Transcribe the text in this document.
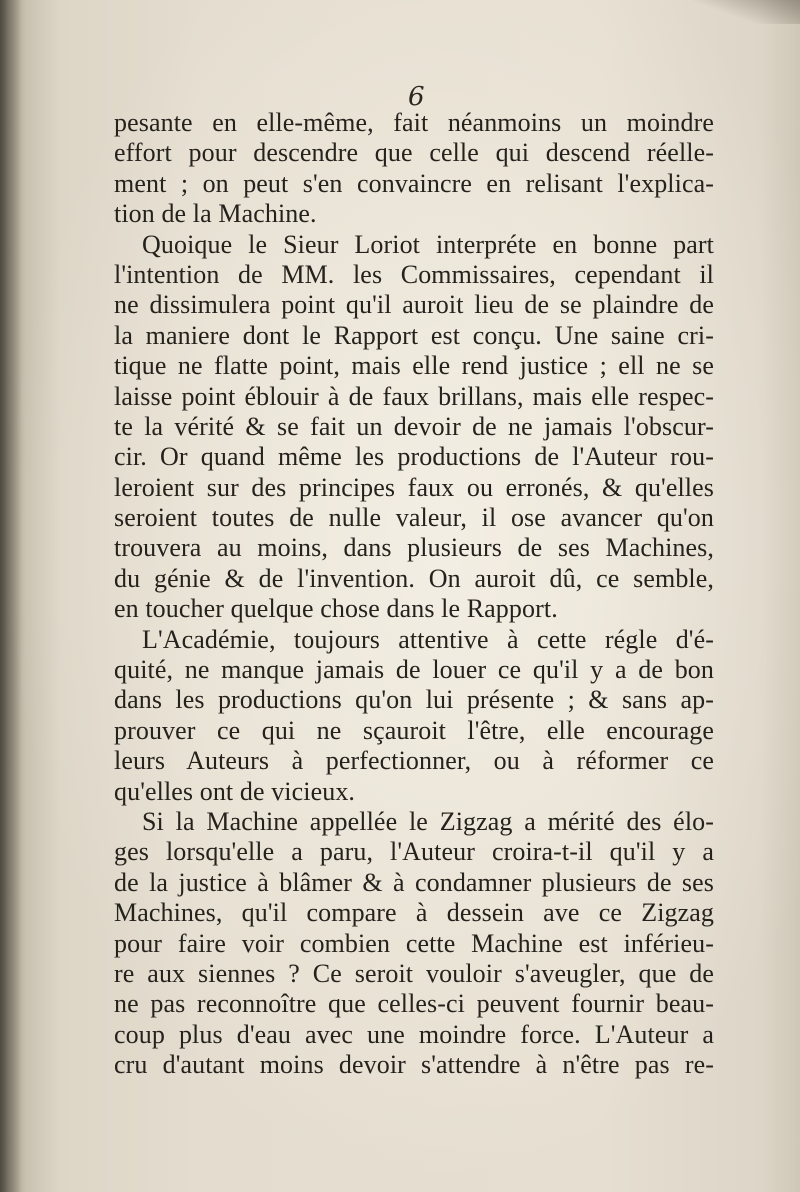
6

pesante en elle-même, fait néanmoins un moindre
effort pour descendre que celle qui descend réelle-
ment ; on peut s'en convaincre en relisant l'explica-
tion de la Machine.
Quoique le Sieur Loriot interpréte en bonne part
l'intention de MM. les Commissaires, cependant il
ne dissimulera point qu'il auroit lieu de se plaindre de
la maniere dont le Rapport est conçu. Une saine cri-
tique ne flatte point, mais elle rend justice ; ell ne se
laisse point éblouir à de faux brillans, mais elle respec-
te la vérité & se fait un devoir de ne jamais l'obscur-
cir. Or quand même les productions de l'Auteur rou-
leroient sur des principes faux ou erronés, & qu'elles
seroient toutes de nulle valeur, il ose avancer qu'on
trouvera au moins, dans plusieurs de ses Machines,
du génie & de l'invention. On auroit dû, ce semble,
en toucher quelque chose dans le Rapport.
L'Académie, toujours attentive à cette régle d'é-
quité, ne manque jamais de louer ce qu'il y a de bon
dans les productions qu'on lui présente ; & sans ap-
prouver ce qui ne sçauroit l'être, elle encourage
leurs Auteurs à perfectionner, ou à réformer ce
qu'elles ont de vicieux.
Si la Machine appellée le Zigzag a mérité des élo-
ges lorsqu'elle a paru, l'Auteur croira-t-il qu'il y a
de la justice à blâmer & à condamner plusieurs de ses
Machines, qu'il compare à dessein ave ce Zigzag
pour faire voir combien cette Machine est inférieu-
re aux siennes ? Ce seroit vouloir s'aveugler, que de
ne pas reconnoître que celles-ci peuvent fournir beau-
coup plus d'eau avec une moindre force. L'Auteur a
cru d'autant moins devoir s'attendre à n'être pas re-
